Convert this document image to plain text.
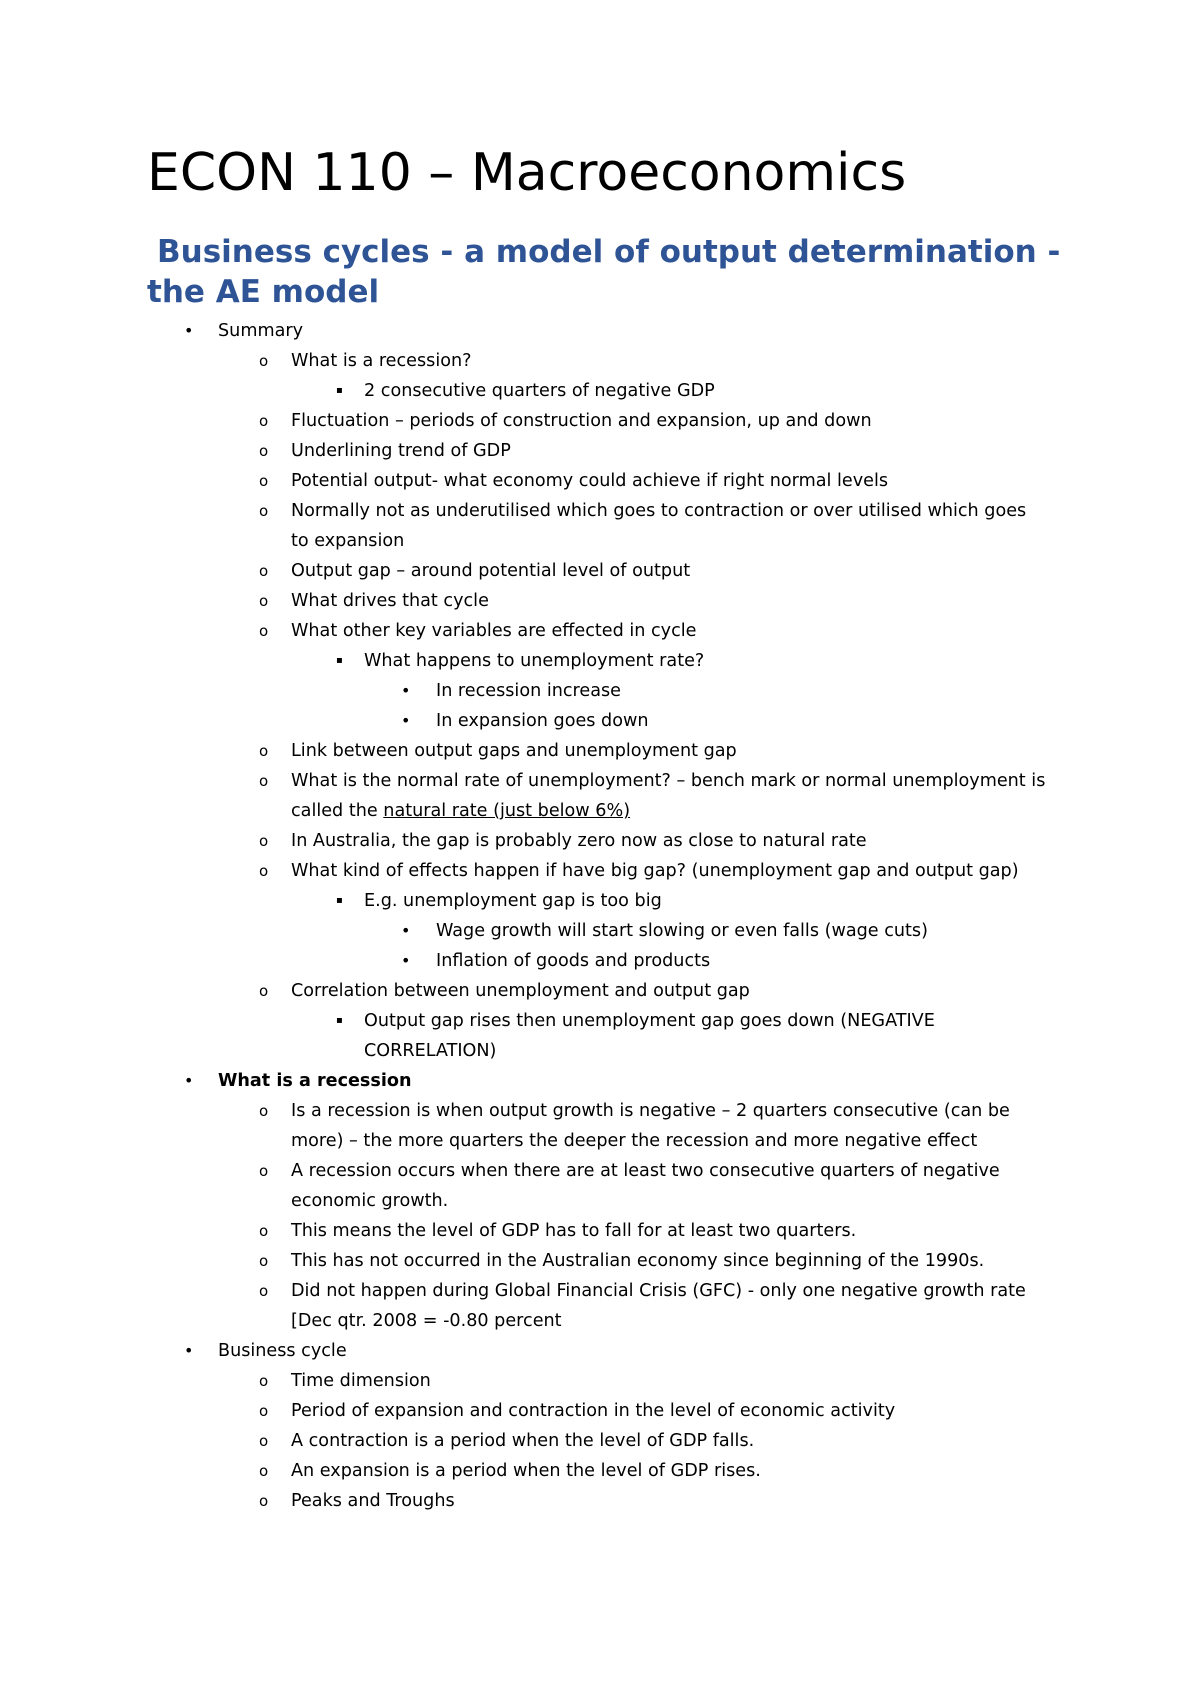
ECON 110 – Macroeconomics
Business cycles - a model of output determination - the AE model
• Summary
o What is a recession?
▪ 2 consecutive quarters of negative GDP
o Fluctuation – periods of construction and expansion, up and down
o Underlining trend of GDP
o Potential output- what economy could achieve if right normal levels
o Normally not as underutilised which goes to contraction or over utilised which goes to expansion
o Output gap – around potential level of output
o What drives that cycle
o What other key variables are effected in cycle
▪ What happens to unemployment rate?
• In recession increase
• In expansion goes down
o Link between output gaps and unemployment gap
o What is the normal rate of unemployment? – bench mark or normal unemployment is called the natural rate (just below 6%)
o In Australia, the gap is probably zero now as close to natural rate
o What kind of effects happen if have big gap? (unemployment gap and output gap)
▪ E.g. unemployment gap is too big
• Wage growth will start slowing or even falls (wage cuts)
• Inflation of goods and products
o Correlation between unemployment and output gap
▪ Output gap rises then unemployment gap goes down (NEGATIVE CORRELATION)
• What is a recession
o Is a recession is when output growth is negative – 2 quarters consecutive (can be more) – the more quarters the deeper the recession and more negative effect
o A recession occurs when there are at least two consecutive quarters of negative economic growth.
o This means the level of GDP has to fall for at least two quarters.
o This has not occurred in the Australian economy since beginning of the 1990s.
o Did not happen during Global Financial Crisis (GFC) - only one negative growth rate [Dec qtr. 2008 = -0.80 percent
• Business cycle
o Time dimension
o Period of expansion and contraction in the level of economic activity
o A contraction is a period when the level of GDP falls.
o An expansion is a period when the level of GDP rises.
o Peaks and Troughs
